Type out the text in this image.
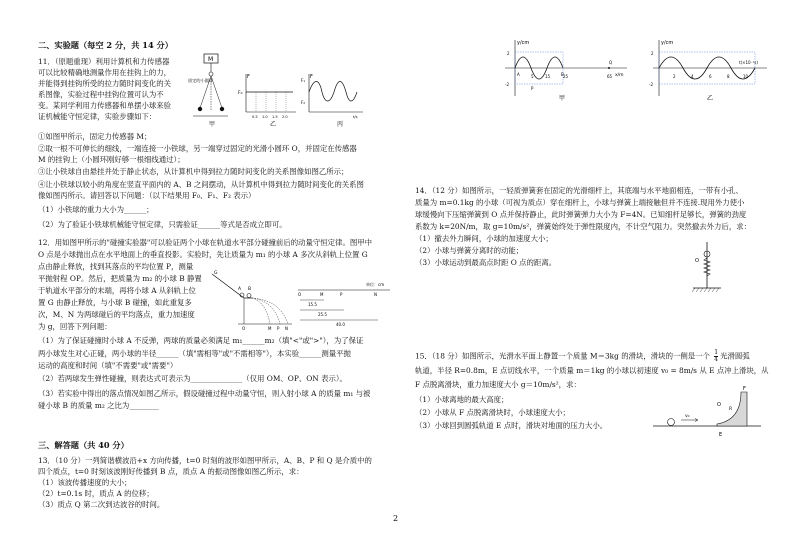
二、实验题（每空 2 分，共 14 分）
11．（原题重现）利用计算机和力传感器
可以比较精确地测量作用在挂钩上的力，
并能得到挂钩所受的拉力随时间变化的关
系图像，实验过程中挂钩位置可认为不
变。某同学利用力传感器和单摆小球来验
证机械能守恒定律，实验步骤如下：
①如图甲所示，固定力传感器 M；
②取一根不可伸长的细线，一端连接一小铁球，另一端穿过固定的光滑小圆环 O，并固定在传感器
M 的挂钩上（小圆环刚好够一根细线通过）；
③让小铁球自由悬挂并处于静止状态，从计算机中得到拉力随时间变化的关系图像如图乙所示；
④让小铁球以较小的角度在竖直平面内的 A、B 之间摆动，从计算机中得到拉力随时间变化的关系图
像如图丙所示。请回答以下问题：（以下结果用 F₀、F₁、F₂ 表示）
（1）小铁球的重力大小为______；
（2）为了验证小铁球机械能守恒定律，只需验证______等式是否成立即可。
M
固定的小圆环
甲
F
F₀
0.5 1.0 1.5 2.0
乙
F
F₁
F₂
t/s
丙
12．用如图甲所示的"碰撞实验器"可以验证两个小球在轨道水平部分碰撞前后的动量守恒定律。图甲中
O 点是小球抛出点在水平地面上的垂直投影。实验时，先让质量为 m₁ 的小球 A 多次从斜轨上位置 G
点由静止释放，找到其落点的平均位置 P，测量
平抛射程 OP。然后，把质量为 m₂ 的小球 B 静置
于轨道水平部分的末端，再将小球 A 从斜轨上位
置 G 由静止释放，与小球 B 碰撞，如此重复多
次，M、N 为两球碰后的平均落点，重力加速度
为 g，回答下列问题：
（1）为了保证碰撞时小球 A 不反弹，两球的质量必须满足 m₁______m₂（填"<"或">"），为了保证
两小球发生对心正碰，两小球的半径______（填"需相等"或"不需相等"），本实验______测量平抛
运动的高度和时间（填"不需要"或"需要"）
（2）若两球发生弹性碰撞，则表达式可表示为______________（仅用 OM、OP、ON 表示）。
（3）若实验中得出的落点情况如图乙所示，假设碰撞过程中动量守恒，则入射小球 A 的质量 m₁ 与被
碰小球 B 的质量 m₂ 之比为________
A B
G
O	M P N
单位：cm
O	M	P	N
15.5
25.5
40.0
三、解答题（共 40 分）
13．（10 分）一列简谐横波沿+x 方向传播，t=0 时刻的波形如图甲所示，A、B、P 和 Q 是介质中的
四个质点，t=0 时刻该波刚好传播到 B 点，质点 A 的振动图像如图乙所示，求：
（1）该波传播速度的大小；
（2）t=0.1s 时，质点 A 的位移；
（3）质点 Q 第二次到达波谷的时间。
y/cm
x/m
2
-2
A	B
P
Q
5	15	25	65
甲
y/cm
2
-2
2	4	6	8	10
t(×10⁻¹s)
乙
14．（12 分）如图所示，一轻质弹簧套在固定的光滑细杆上，其底端与水平地面相连，一带有小孔、
质量为 m=0.1kg 的小球（可视为质点）穿在细杆上，小球与弹簧上端接触但并不连接.现用外力使小
球缓慢向下压缩弹簧到 O 点并保持静止，此时弹簧弹力大小为 F=4N。已知细杆足够长，弹簧的劲度
系数为 k=20N/m，取 g=10m/s²，弹簧始终处于弹性限度内，不计空气阻力。突然撤去外力后，求：
（1）撤去外力瞬间，小球的加速度大小；
（2）小球与弹簧分离时的动能；
（3）小球运动到最高点时距 O 点的距离。	O
15．（18 分）如图所示，光滑水平面上静置一个质量 M＝3kg 的滑块，滑块的一侧是一个 $\frac{1}{4}$ 光滑圆弧
轨道，半径 R=0.8m，E 点切线水平，一个质量 m＝1kg 的小球以初速度 v₀ = 8m/s 从 E 点冲上滑块，从
F 点脱离滑块，重力加速度大小 g＝10m/s²，求：
（1）小球离地的最大高度；
（2）小球从 F 点脱离滑块时，小球速度大小；
（3）小球回到圆弧轨道 E 点时，滑块对地面的压力大小。
v₀
F
O
R
E
2
